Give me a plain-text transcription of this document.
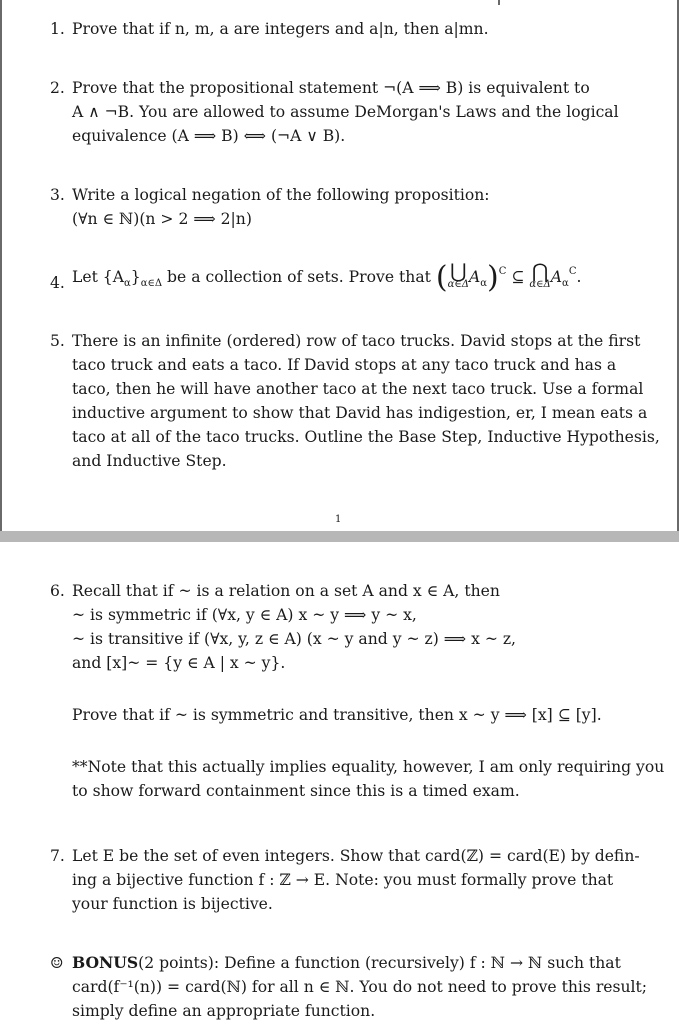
1. Prove that if n, m, a are integers and a|n, then a|mn.
2. Prove that the propositional statement ¬(A ⟹ B) is equivalent to
A ∧ ¬B. You are allowed to assume DeMorgan's Laws and the logical
equivalence (A ⟹ B) ⟺ (¬A ∨ B).
3. Write a logical negation of the following proposition:
(∀n ∈ ℕ)(n > 2 ⟹ 2|n)
4. Let $\{A_\alpha\}_{\alpha\in\Delta}$ be a collection of sets. Prove that ( ⋃
α∈Δ $A_\alpha)^C$ ⊆ ⋂
α∈Δ $A_\alpha^C$.
5. There is an infinite (ordered) row of taco trucks. David stops at the first
taco truck and eats a taco. If David stops at any taco truck and has a
taco, then he will have another taco at the next taco truck. Use a formal
inductive argument to show that David has indigestion, er, I mean eats a
taco at all of the taco trucks. Outline the Base Step, Inductive Hypothesis,
and Inductive Step.
1
6. Recall that if ~ is a relation on a set A and x ∈ A, then
~ is symmetric if (∀x, y ∈ A) x ~ y ⟹ y ~ x,
~ is transitive if (∀x, y, z ∈ A) (x ~ y and y ~ z) ⟹ x ~ z,
and [x]~ = {y ∈ A | x ~ y}.
Prove that if ~ is symmetric and transitive, then x ~ y ⟹ [x] ⊆ [y].
**Note that this actually implies equality, however, I am only requiring you
to show forward containment since this is a timed exam.
7. Let E be the set of even integers. Show that card(ℤ) = card(E) by defin-
ing a bijective function f : ℤ → E. Note: you must formally prove that
your function is bijective.
☺ BONUS(2 points): Define a function (recursively) f : ℕ → ℕ such that
card(f⁻¹(n)) = card(ℕ) for all n ∈ ℕ. You do not need to prove this result;
simply define an appropriate function.
